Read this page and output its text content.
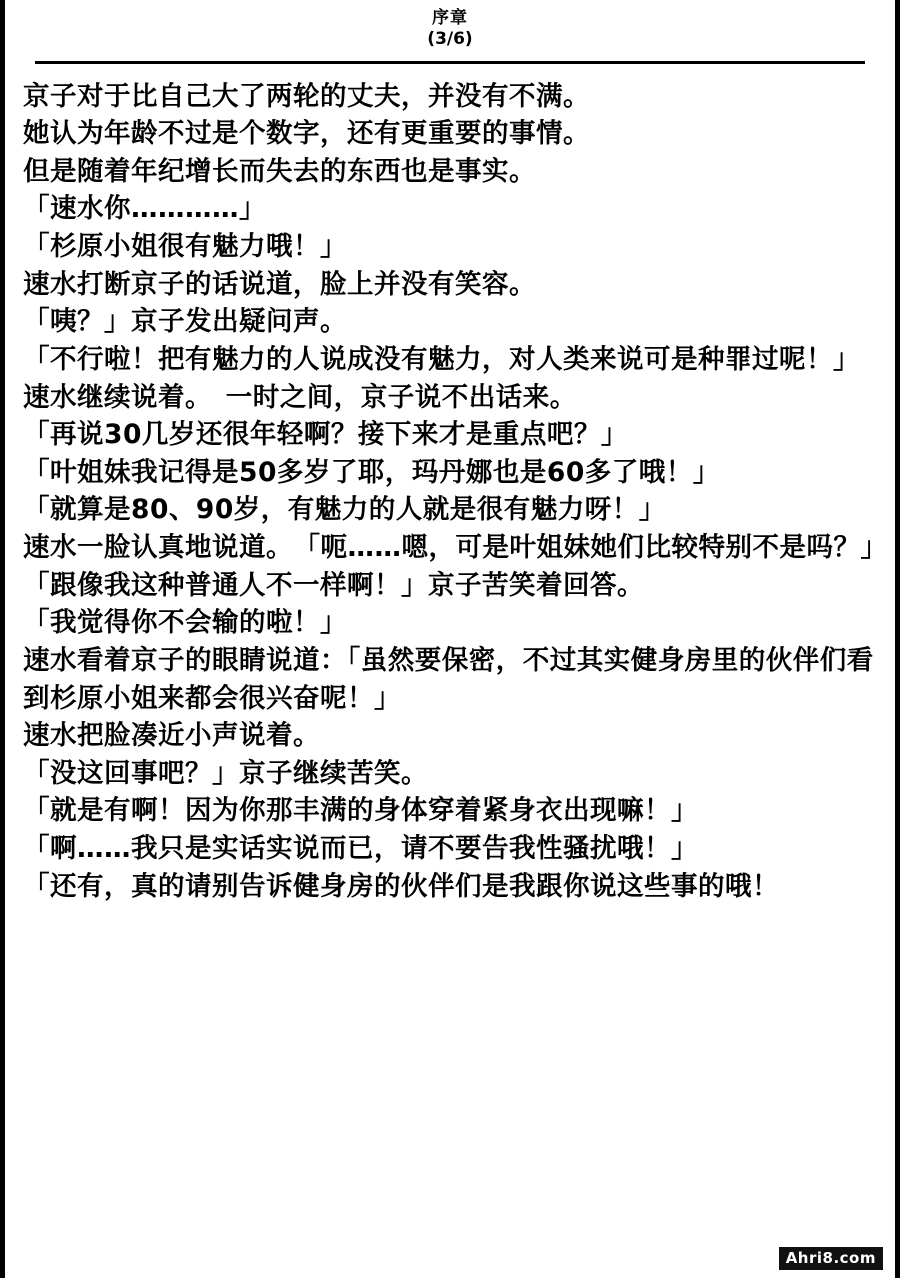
序章
(3/6)

京子对于比自己大了两轮的丈夫，并没有不满。

她认为年龄不过是个数字，还有更重要的事情。

但是随着年纪增长而失去的东西也是事实。

「速水你…………」

「杉原小姐很有魅力哦！」

速水打断京子的话说道，脸上并没有笑容。

「咦？」京子发出疑问声。

「不行啦！把有魅力的人说成没有魅力，对人类来说可是种罪过呢！」

速水继续说着。　一时之间，京子说不出话来。

「再说30几岁还很年轻啊？接下来才是重点吧？」

「叶姐妹我记得是50多岁了耶，玛丹娜也是60多了哦！」

「就算是80、90岁，有魅力的人就是很有魅力呀！」

速水一脸认真地说道。　「呃……嗯，可是叶姐妹她们比较特别不是吗？」

「跟像我这种普通人不一样啊！」京子苦笑着回答。

「我觉得你不会输的啦！」

速水看着京子的眼睛说道：「虽然要保密，不过其实健身房里的伙伴们看到杉原小姐来都会很兴奋呢！」

速水把脸凑近小声说着。

「没这回事吧？」京子继续苦笑。

「就是有啊！因为你那丰满的身体穿着紧身衣出现嘛！」

「啊……我只是实话实说而已，请不要告我性骚扰哦！」

「还有，真的请别告诉健身房的伙伴们是我跟你说这些事的哦！

Ahri8.com
